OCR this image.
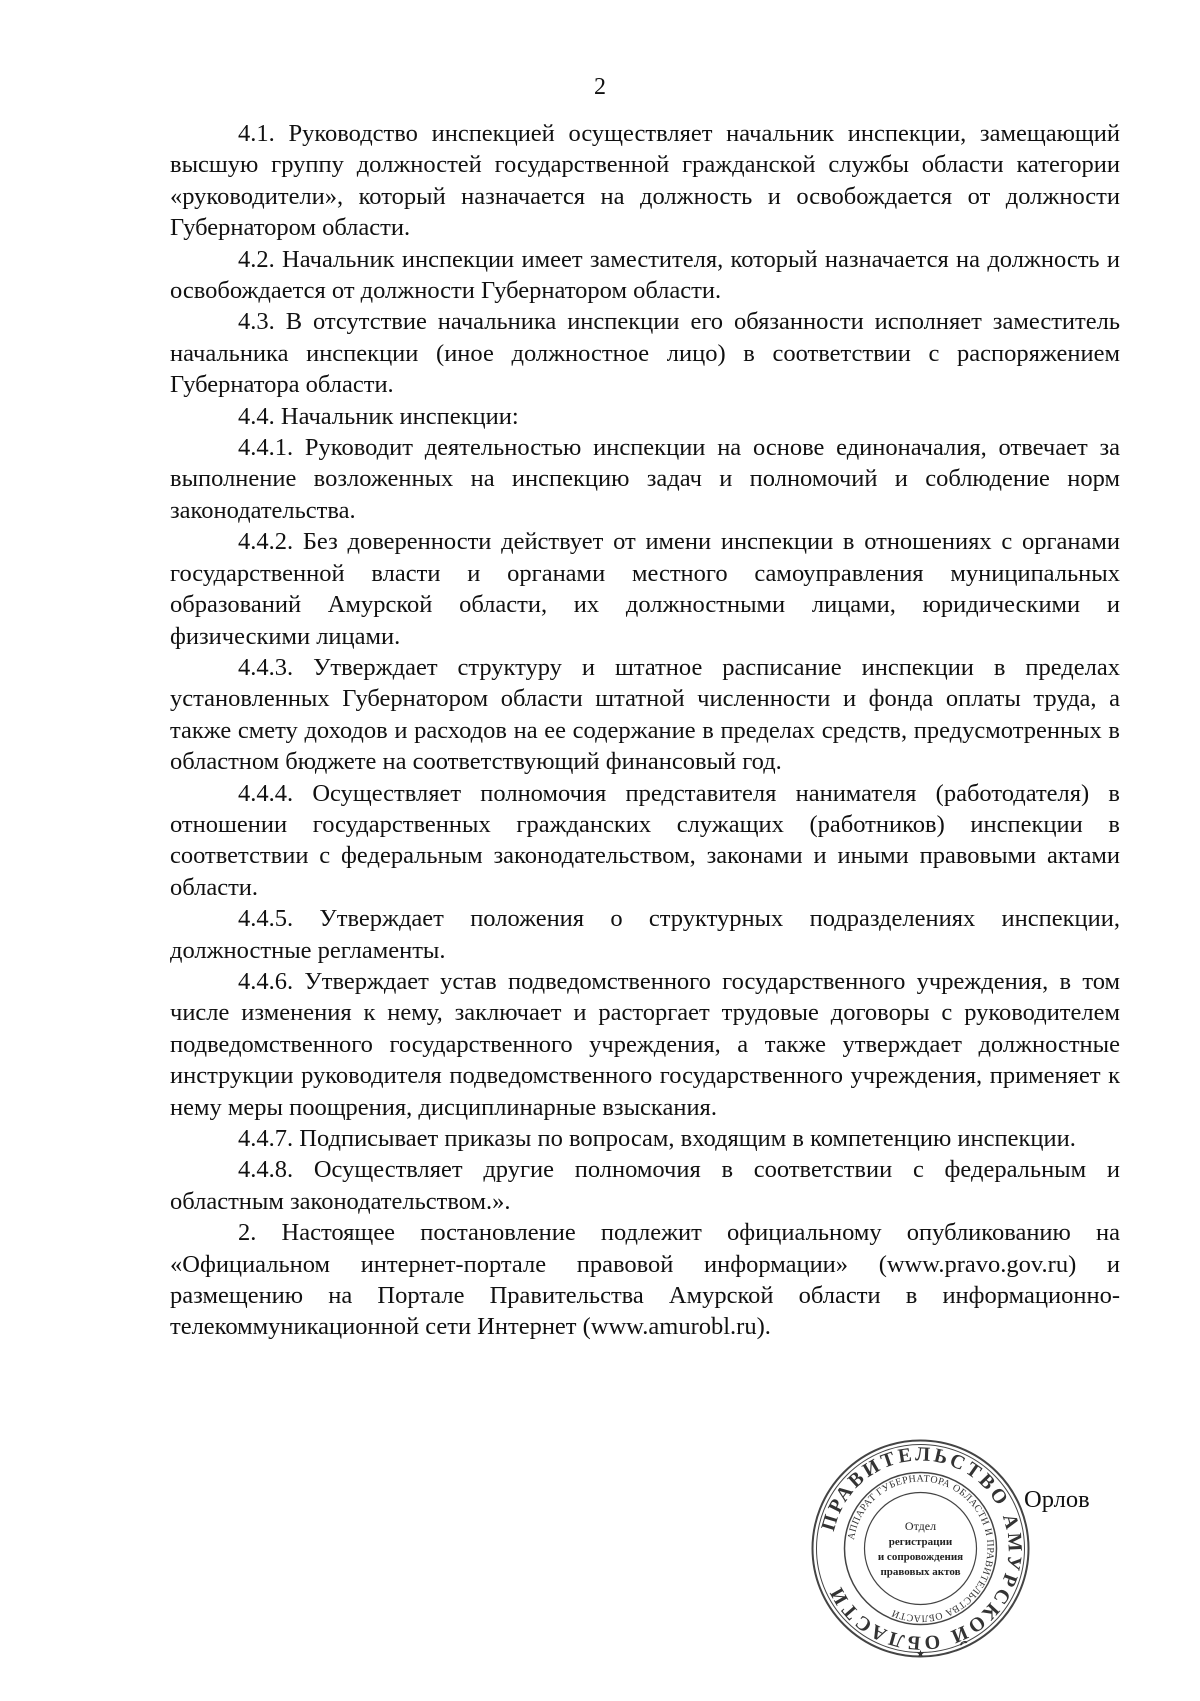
2

4.1. Руководство инспекцией осуществляет начальник инспекции, замещающий высшую группу должностей государственной гражданской службы области категории «руководители», который назначается на должность и освобождается от должности Губернатором области.

4.2. Начальник инспекции имеет заместителя, который назначается на должность и освобождается от должности Губернатором области.

4.3. В отсутствие начальника инспекции его обязанности исполняет заместитель начальника инспекции (иное должностное лицо) в соответствии с распоряжением Губернатора области.

4.4. Начальник инспекции:

4.4.1. Руководит деятельностью инспекции на основе единоначалия, отвечает за выполнение возложенных на инспекцию задач и полномочий и соблюдение норм законодательства.

4.4.2. Без доверенности действует от имени инспекции в отношениях с органами государственной власти и органами местного самоуправления муниципальных образований Амурской области, их должностными лицами, юридическими и физическими лицами.

4.4.3. Утверждает структуру и штатное расписание инспекции в пределах установленных Губернатором области штатной численности и фонда оплаты труда, а также смету доходов и расходов на ее содержание в пределах средств, предусмотренных в областном бюджете на соответствующий финансовый год.

4.4.4. Осуществляет полномочия представителя нанимателя (работодателя) в отношении государственных гражданских служащих (работников) инспекции в соответствии с федеральным законодательством, законами и иными правовыми актами области.

4.4.5. Утверждает положения о структурных подразделениях инспекции, должностные регламенты.

4.4.6. Утверждает устав подведомственного государственного учреждения, в том числе изменения к нему, заключает и расторгает трудовые договоры с руководителем подведомственного государственного учреждения, а также утверждает должностные инструкции руководителя подведомственного государственного учреждения, применяет к нему меры поощрения, дисциплинарные взыскания.

4.4.7. Подписывает приказы по вопросам, входящим в компетенцию инспекции.

4.4.8. Осуществляет другие полномочия в соответствии с федеральным и областным законодательством.».

2. Настоящее постановление подлежит официальному опубликованию на «Официальном интернет-портале правовой информации» (www.pravo.gov.ru) и размещению на Портале Правительства Амурской области в информационно-телекоммуникационной сети Интернет (www.amurobl.ru).

ПРАВИТЕЛЬСТВО АМУРСКОЙ ОБЛАСТИ
АППАРАТ ГУБЕРНАТОРА ОБЛАСТИ И ПРАВИТЕЛЬСТВА ОБЛАСТИ
Отдел
регистрации
и сопровождения
правовых актов
★
Орлов
